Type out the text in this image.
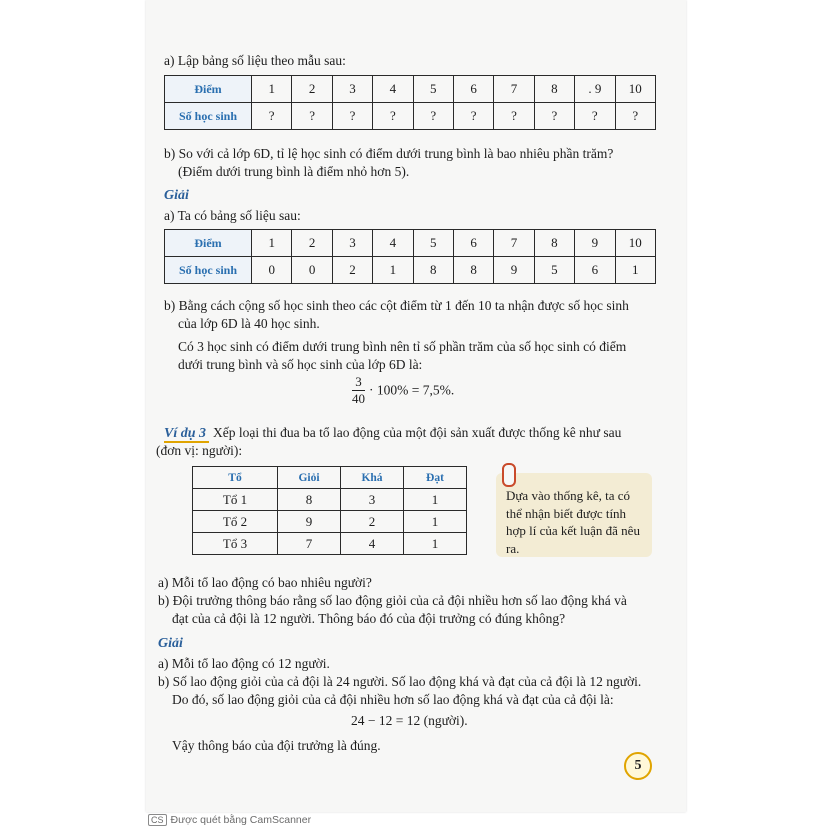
a) Lập bảng số liệu theo mẫu sau:
Điểm	1	2	3	4	5	6	7	8	. 9	10
Số học sinh	?	?	?	?	?	?	?	?	?	?
b) So với cả lớp 6D, tỉ lệ học sinh có điểm dưới trung bình là bao nhiêu phần trăm?
(Điểm dưới trung bình là điểm nhỏ hơn 5).
Giải
a) Ta có bảng số liệu sau:
Điểm	1	2	3	4	5	6	7	8	9	10
Số học sinh	0	0	2	1	8	8	9	5	6	1
b) Bằng cách cộng số học sinh theo các cột điểm từ 1 đến 10 ta nhận được số học sinh
của lớp 6D là 40 học sinh.
Có 3 học sinh có điểm dưới trung bình nên tỉ số phần trăm của số học sinh có điểm
dưới trung bình và số học sinh của lớp 6D là:
$\frac{3}{40} \cdot 100\% = 7,5\%$.
Ví dụ 3 Xếp loại thi đua ba tổ lao động của một đội sản xuất được thống kê như sau
(đơn vị: người):
Tổ	Giỏi	Khá	Đạt
Tổ 1	8	3	1
Tổ 2	9	2	1
Tổ 3	7	4	1
Dựa vào thống kê, ta có thể nhận biết được tính hợp lí của kết luận đã nêu ra.
a) Mỗi tổ lao động có bao nhiêu người?
b) Đội trưởng thông báo rằng số lao động giỏi của cả đội nhiều hơn số lao động khá và
đạt của cả đội là 12 người. Thông báo đó của đội trưởng có đúng không?
Giải
a) Mỗi tổ lao động có 12 người.
b) Số lao động giỏi của cả đội là 24 người. Số lao động khá và đạt của cả đội là 12 người.
Do đó, số lao động giỏi của cả đội nhiều hơn số lao động khá và đạt của cả đội là:
24 − 12 = 12 (người).
Vậy thông báo của đội trưởng là đúng.
5
CS Được quét bằng CamScanner
